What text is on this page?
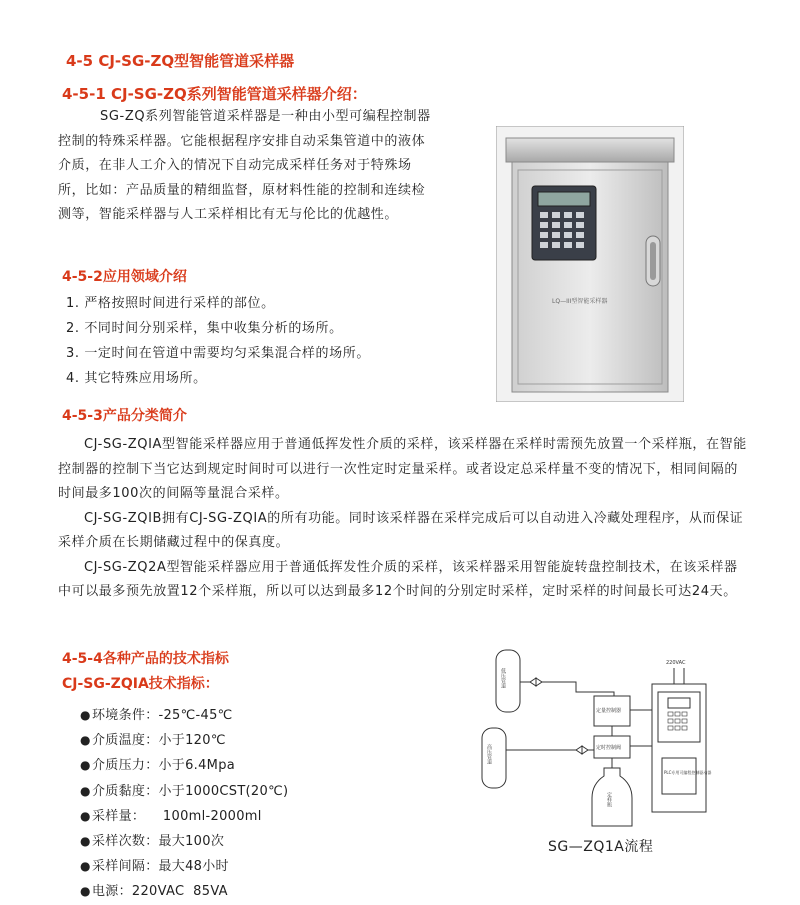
4-5 CJ-SG-ZQ型智能管道采样器
4-5-1 CJ-SG-ZQ系列智能管道采样器介绍：
SG-ZQ系列智能管道采样器是一种由小型可编程控制器控制的特殊采样器。它能根据程序安排自动采集管道中的液体介质，在非人工介入的情况下自动完成采样任务对于特殊场所，比如：产品质量的精细监督，原材料性能的控制和连续检测等，智能采样器与人工采样相比有无与伦比的优越性。
4-5-2应用领域介绍
1. 严格按照时间进行采样的部位。
2. 不同时间分别采样，集中收集分析的场所。
3. 一定时间在管道中需要均匀采集混合样的场所。
4. 其它特殊应用场所。
LQ—III型智能采样器
4-5-3产品分类简介

CJ-SG-ZQIA型智能采样器应用于普通低挥发性介质的采样，该采样器在采样时需预先放置一个采样瓶，在智能控制器的控制下当它达到规定时间时可以进行一次性定时定量采样。或者设定总采样量不变的情况下，相同间隔的时间最多100次的间隔等量混合采样。

CJ-SG-ZQIB拥有CJ-SG-ZQIA的所有功能。同时该采样器在采样完成后可以自动进入冷藏处理程序，从而保证采样介质在长期储藏过程中的保真度。

CJ-SG-ZQ2A型智能采样器应用于普通低挥发性介质的采样，该采样器采用智能旋转盘控制技术，在该采样器中可以最多预先放置12个采样瓶，所以可以达到最多12个时间的分别定时采样，定时采样的时间最长可达24天。

4-5-4各种产品的技术指标
CJ-SG-ZQIA技术指标：
●环境条件：-25℃-45℃
●介质温度：小于120℃
●介质压力：小于6.4Mpa
●介质黏度：小于1000CST(20℃)
●采样量：    100ml-2000ml
●采样次数：最大100次
●采样间隔：最大48小时
●电源：220VAC  85VA
低压管道
高压管道
220VAC
定量控制器
定时控制阀
定样瓶
PLC专用可编程控制驱动器
SG—ZQ1A流程
